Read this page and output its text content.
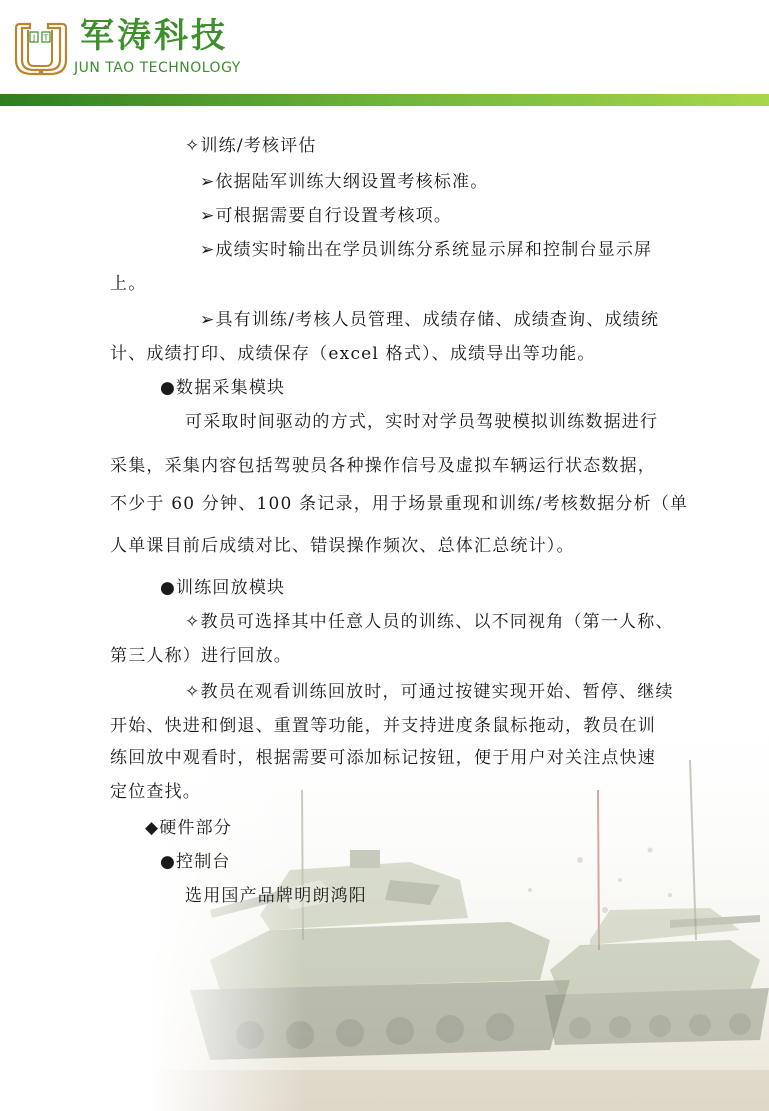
J T 军涛科技
JUN TAO TECHNOLOGY
✧训练/考核评估
➢依据陆军训练大纲设置考核标准。
➢可根据需要自行设置考核项。
➢成绩实时输出在学员训练分系统显示屏和控制台显示屏
上。
➢具有训练/考核人员管理、成绩存储、成绩查询、成绩统
计、成绩打印、成绩保存（excel 格式）、成绩导出等功能。
●数据采集模块
可采取时间驱动的方式，实时对学员驾驶模拟训练数据进行
采集，采集内容包括驾驶员各种操作信号及虚拟车辆运行状态数据，
不少于 60 分钟、100 条记录，用于场景重现和训练/考核数据分析（单
人单课目前后成绩对比、错误操作频次、总体汇总统计）。
●训练回放模块
✧教员可选择其中任意人员的训练、以不同视角（第一人称、
第三人称）进行回放。
✧教员在观看训练回放时，可通过按键实现开始、暂停、继续
开始、快进和倒退、重置等功能，并支持进度条鼠标拖动，教员在训
练回放中观看时，根据需要可添加标记按钮，便于用户对关注点快速
定位查找。
◆硬件部分
●控制台
选用国产品牌明朗鸿阳
